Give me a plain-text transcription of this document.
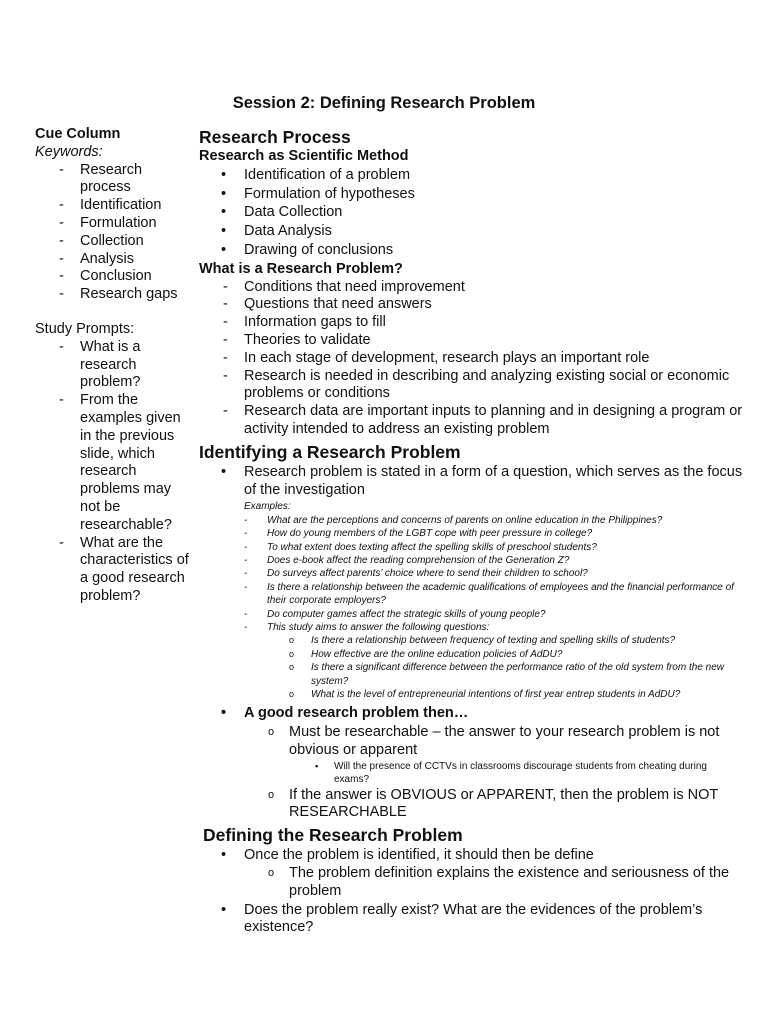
Session 2: Defining Research Problem
Cue Column
Keywords:
- Research process
- Identification
- Formulation
- Collection
- Analysis
- Conclusion
- Research gaps
Study Prompts:
- What is a research problem?
- From the examples given in the previous slide, which research problems may not be researchable?
- What are the characteristics of a good research problem?
Research Process
Research as Scientific Method
• Identification of a problem
• Formulation of hypotheses
• Data Collection
• Data Analysis
• Drawing of conclusions
What is a Research Problem?
- Conditions that need improvement
- Questions that need answers
- Information gaps to fill
- Theories to validate
- In each stage of development, research plays an important role
- Research is needed in describing and analyzing existing social or economic problems or conditions
- Research data are important inputs to planning and in designing a program or activity intended to address an existing problem
Identifying a Research Problem
• Research problem is stated in a form of a question, which serves as the focus of the investigation
Examples:
- What are the perceptions and concerns of parents on online education in the Philippines?
- How do young members of the LGBT cope with peer pressure in college?
- To what extent does texting affect the spelling skills of preschool students?
- Does e-book affect the reading comprehension of the Generation Z?
- Do surveys affect parents’ choice where to send their children to school?
- Is there a relationship between the academic qualifications of employees and the financial performance of their corporate employers?
- Do computer games affect the strategic skills of young people?
- This study aims to answer the following questions:
o Is there a relationship between frequency of texting and spelling skills of students?
o How effective are the online education policies of AdDU?
o Is there a significant difference between the performance ratio of the old system from the new system?
o What is the level of entrepreneurial intentions of first year entrep students in AdDU?
• A good research problem then…
o Must be researchable – the answer to your research problem is not obvious or apparent
▪ Will the presence of CCTVs in classrooms discourage students from cheating during exams?
o If the answer is OBVIOUS or APPARENT, then the problem is NOT RESEARCHABLE
Defining the Research Problem
• Once the problem is identified, it should then be define
o The problem definition explains the existence and seriousness of the problem
• Does the problem really exist? What are the evidences of the problem’s existence?
